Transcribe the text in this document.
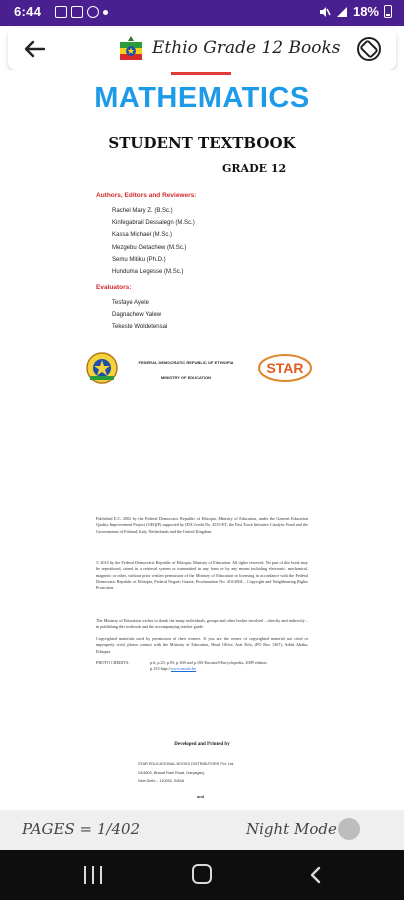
6:44	18%
Ethio Grade 12 Books
MATHEMATICS
STUDENT TEXTBOOK
GRADE 12
Authors, Editors and Reviewers:
Rachel Mary Z. (B.Sc.)
Kinfegabrail Dessalegn (M.Sc.)
Kassa Michael (M.Sc.)
Mezgebu Getachew (M.Sc.)
Semu Mitiku (Ph.D.)
Hunduma Legesse (M.Sc.)
Evaluators:
Tesfaye Ayele
Dagnachew Yalew
Tekeste Woldetensai
FEDERAL DEMOCRATIC REPUBLIC OF ETHIOPIA
MINISTRY OF EDUCATION
STAR
Published E.C. 2002 by the Federal Democratic Republic of Ethiopia, Ministry of Education, under the General Education Quality Improvement Project (GEQIP) supported by IDA Credit No. 4535-ET, the Fast Track Initiative Catalytic Fund and the Governments of Finland, Italy, Netherlands and the United Kingdom.
© 2010 by the Federal Democratic Republic of Ethiopia, Ministry of Education. All rights reserved. No part of this book may be reproduced, stored in a retrieval system or transmitted in any form or by any means including electronic, mechanical, magnetic or other, without prior written permission of the Ministry of Education or licensing in accordance with the Federal Democratic Republic of Ethiopia, Federal Negarit Gazeta, Proclamation No. 410/2004 – Copyright and Neighbouring Rights Protection.
The Ministry of Education wishes to thank the many individuals, groups and other bodies involved – directly and indirectly – in publishing this textbook and the accompanying teacher guide.
Copyrighted materials used by permission of their owners. If you are the owner of copyrighted material not cited or improperly cited, please contact with the Ministry of Education, Head Office, Arat Kilo, (PO Box 1367), Addis Ababa, Ethiopia.
PHOTO CREDITS:	p.6, p.25, p.93, p.168 and p.183-Encarta®Encyclopedia, 2009 edition.
p.153-http://www.zazzle.be
Developed and Printed by
STAR EDUCATIONAL BOOKS DISTRIBUTORS Pvt. Ltd.
24/4800, Bharat Ram Road, Daryaganj,
New Delhi – 110002, INDIA
and
PAGES = 1/402	Night Mode
